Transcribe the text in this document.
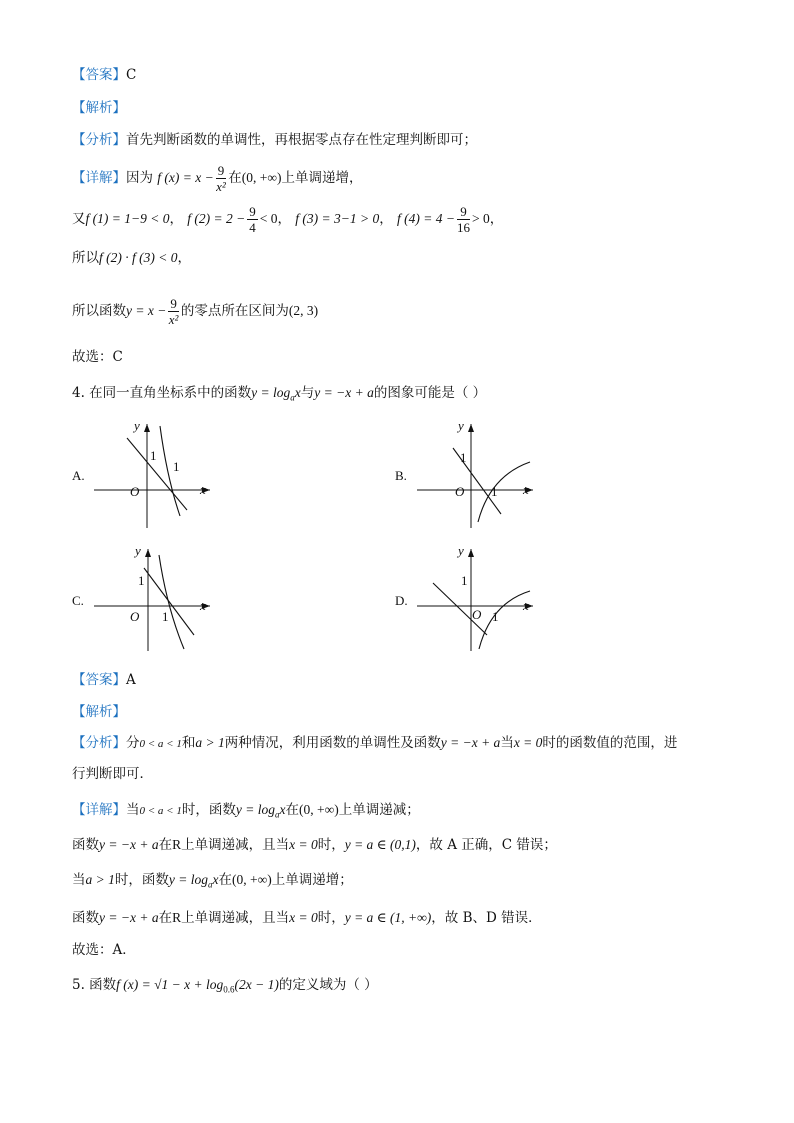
【答案】C
【解析】
【分析】首先判断函数的单调性，再根据零点存在性定理判断即可；
【详解】因为 f $(x) = x - \frac{9}{\text{x²}}$ 在(0, +∞)上单调递增，
又f (1) = 1−9 < 0， f $(2) = 2 - \frac{9}{4} < 0$， f (3) = 3−1 > 0， f $(4) = 4 - \frac{9}{16} > 0$，
所以f (2) · f (3) < 0，
所以函数$y = x - \frac{9}{\text{x²}}$ 的零点所在区间为(2, 3)
故选：C
4. 在同一直角坐标系中的函数$y = \log_ax$与y = −x + a的图象可能是（ ）
A.
y
O	x
1
1
B.
y
O	x
1
1
C.
y
O
x
1
1
D.
y
O
x
1
1
【答案】A
【解析】
【分析】分0 < a < 1和a > 1两种情况，利用函数的单调性及函数y = −x + a当x = 0时的函数值的范围，进
行判断即可．
【详解】当0 < a < 1时，函数$y = \log_ax$在(0, +∞)上单调递减；
函数y = −x + a在R上单调递减，且当x = 0时，y = a ∈ (0,1)，故 A 正确，C 错误；
当a > 1时，函数$y = \log_ax$在(0, +∞)上单调递增；
函数y = −x + a在R上单调递减，且当x = 0时，y = a ∈ (1, +∞)，故 B、D 错误．
故选：A．
5. 函数f $(x) = √1 - x + \log_{0.6}(2x - 1)$的定义域为（ ）
